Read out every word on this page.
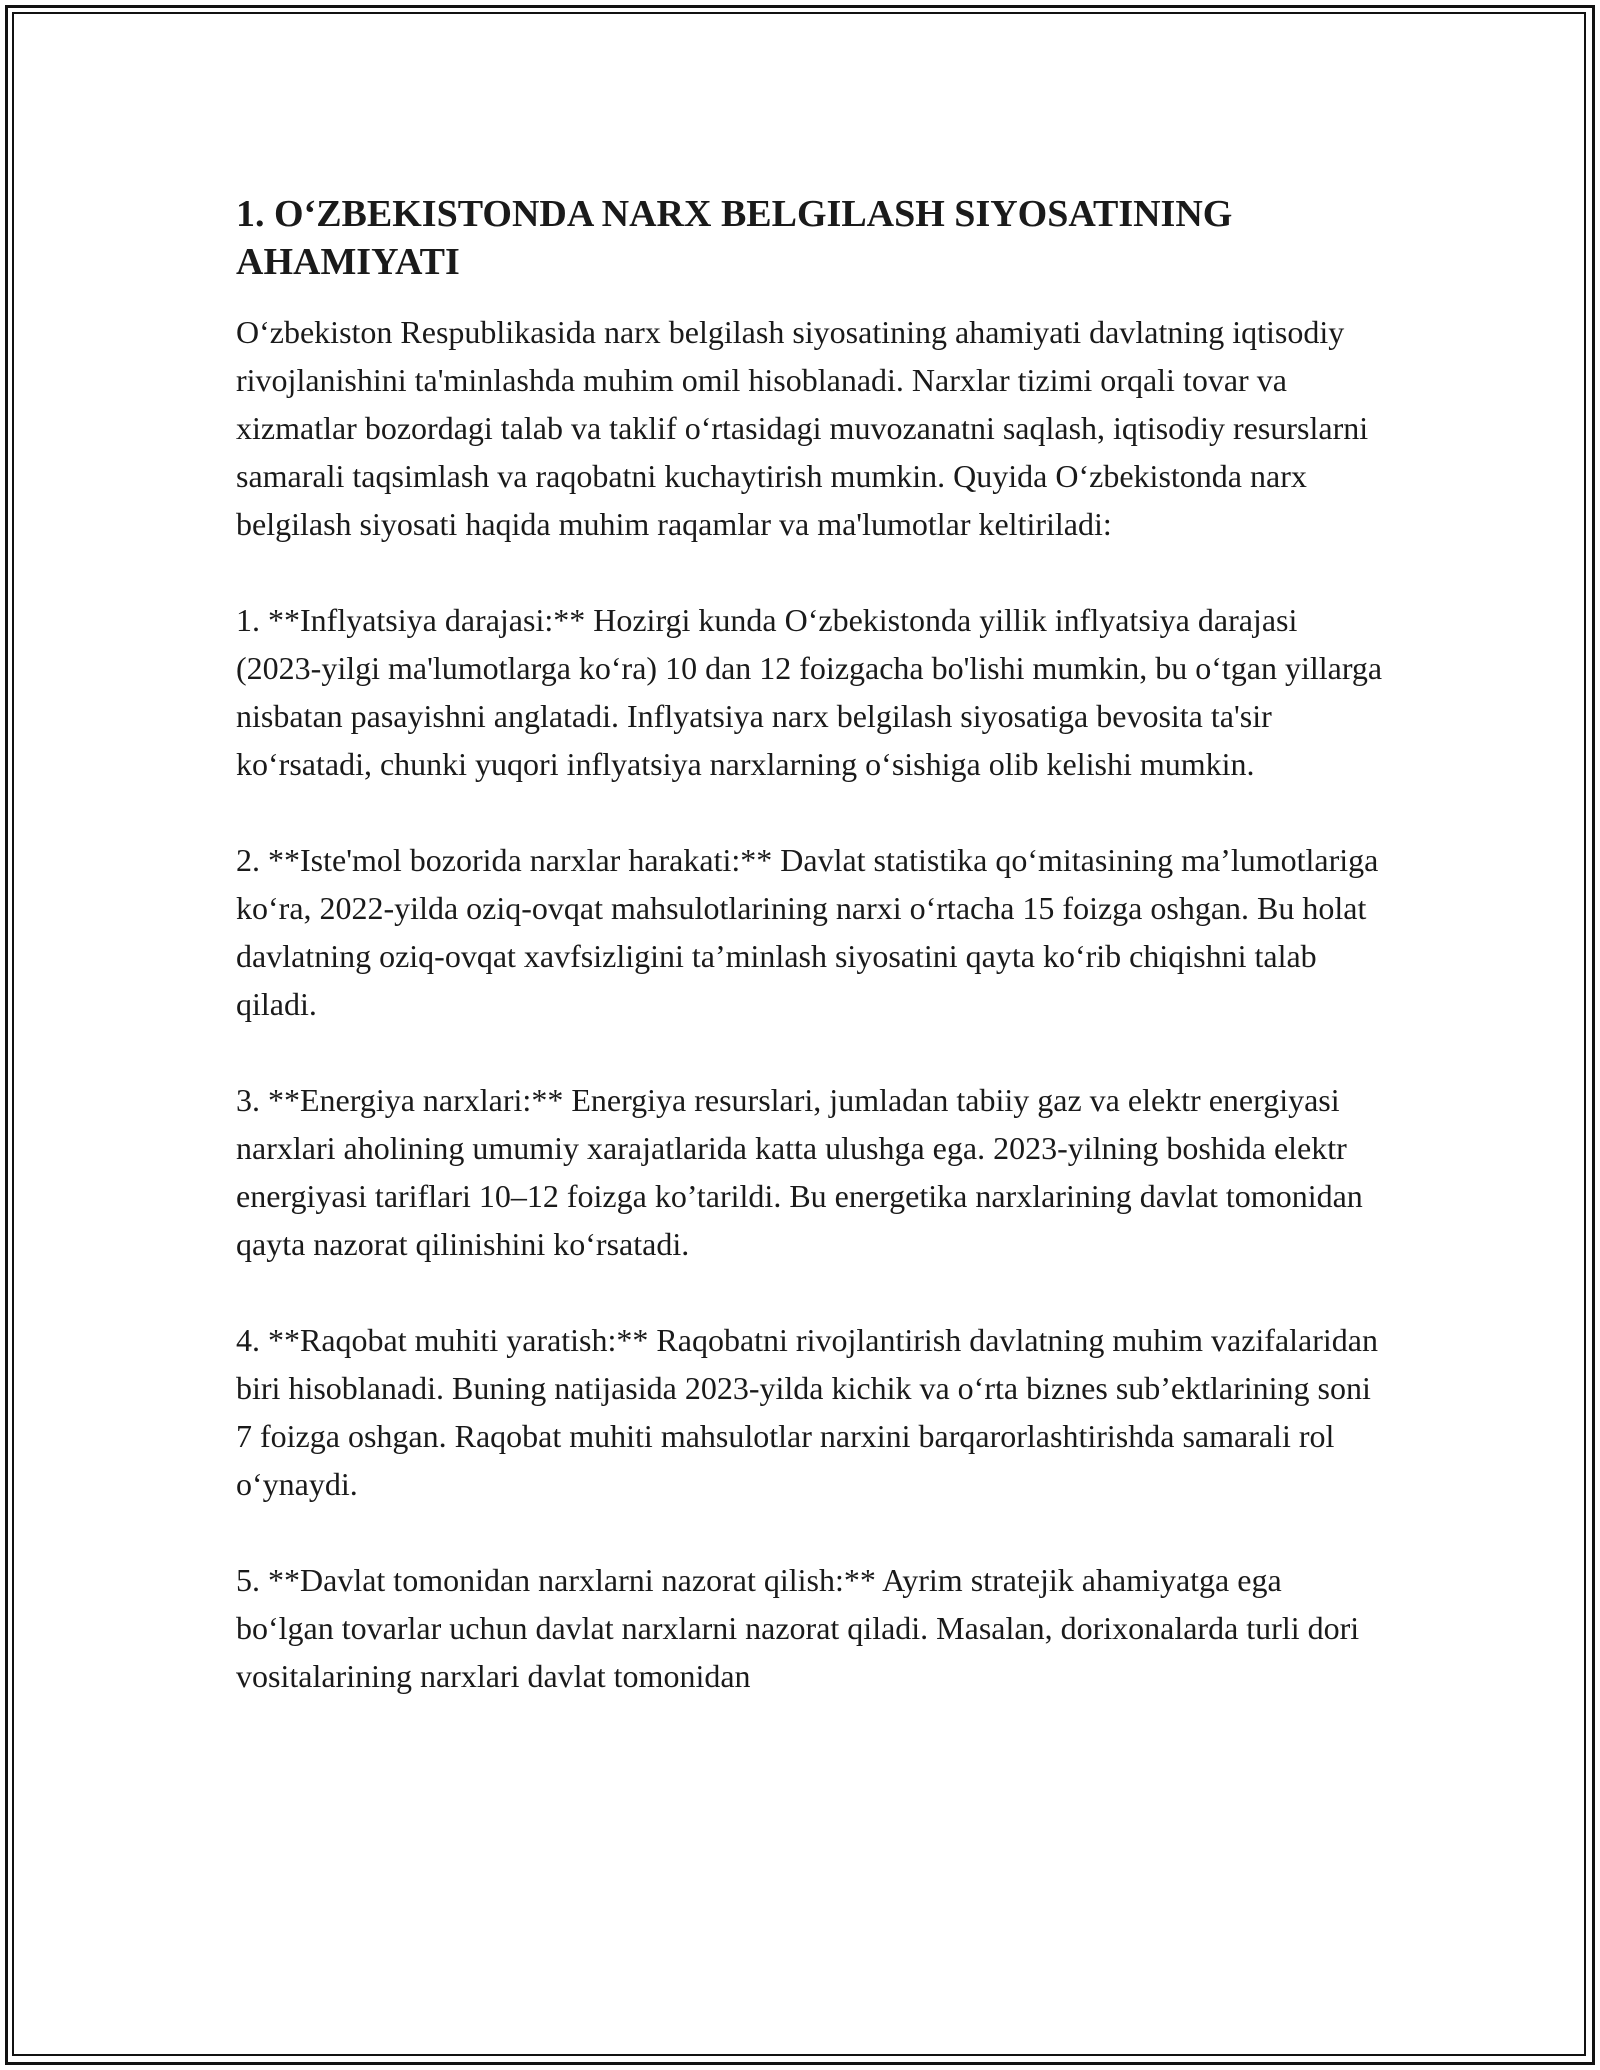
1. O‘ZBEKISTONDA NARX BELGILASH SIYOSATINING AHAMIYATI

O‘zbekiston Respublikasida narx belgilash siyosatining ahamiyati davlatning iqtisodiy rivojlanishini ta'minlashda muhim omil hisoblanadi. Narxlar tizimi orqali tovar va xizmatlar bozordagi talab va taklif o‘rtasidagi muvozanatni saqlash, iqtisodiy resurslarni samarali taqsimlash va raqobatni kuchaytirish mumkin. Quyida O‘zbekistonda narx belgilash siyosati haqida muhim raqamlar va ma'lumotlar keltiriladi:

1. **Inflyatsiya darajasi:** Hozirgi kunda O‘zbekistonda yillik inflyatsiya darajasi (2023-yilgi ma'lumotlarga ko‘ra) 10 dan 12 foizgacha bo'lishi mumkin, bu o‘tgan yillarga nisbatan pasayishni anglatadi. Inflyatsiya narx belgilash siyosatiga bevosita ta'sir ko‘rsatadi, chunki yuqori inflyatsiya narxlarning o‘sishiga olib kelishi mumkin.

2. **Iste'mol bozorida narxlar harakati:** Davlat statistika qo‘mitasining ma’lumotlariga ko‘ra, 2022-yilda oziq-ovqat mahsulotlarining narxi o‘rtacha 15 foizga oshgan. Bu holat davlatning oziq-ovqat xavfsizligini ta’minlash siyosatini qayta ko‘rib chiqishni talab qiladi.

3. **Energiya narxlari:** Energiya resurslari, jumladan tabiiy gaz va elektr energiyasi narxlari aholining umumiy xarajatlarida katta ulushga ega. 2023-yilning boshida elektr energiyasi tariflari 10–12 foizga ko’tarildi. Bu energetika narxlarining davlat tomonidan qayta nazorat qilinishini ko‘rsatadi.

4. **Raqobat muhiti yaratish:** Raqobatni rivojlantirish davlatning muhim vazifalaridan biri hisoblanadi. Buning natijasida 2023-yilda kichik va o‘rta biznes sub’ektlarining soni 7 foizga oshgan. Raqobat muhiti mahsulotlar narxini barqarorlashtirishda samarali rol o‘ynaydi.

5. **Davlat tomonidan narxlarni nazorat qilish:** Ayrim stratejik ahamiyatga ega bo‘lgan tovarlar uchun davlat narxlarni nazorat qiladi. Masalan, dorixonalarda turli dori vositalarining narxlari davlat tomonidan
